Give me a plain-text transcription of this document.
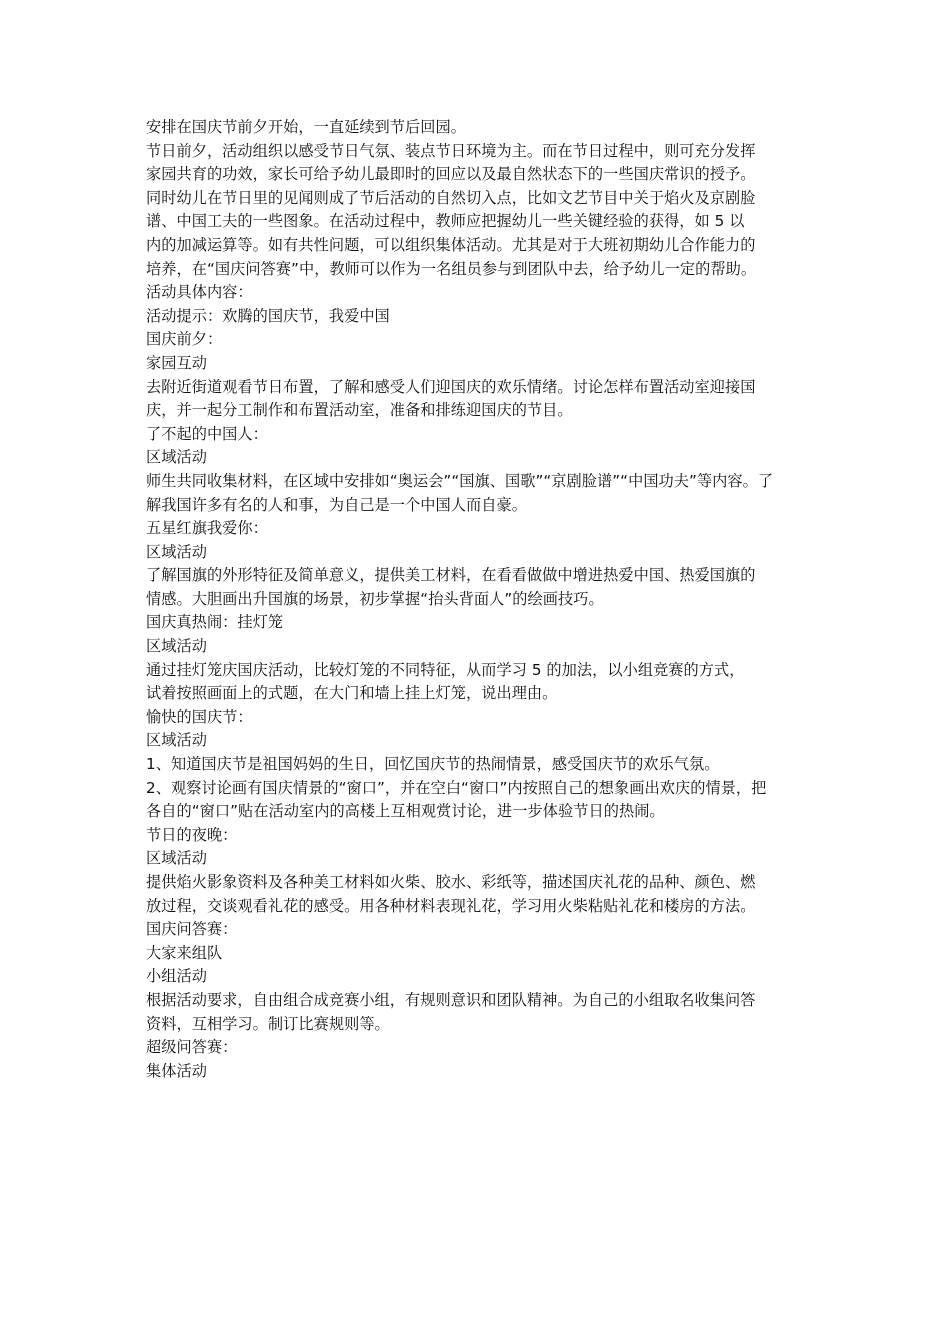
安排在国庆节前夕开始，一直延续到节后回园。
节日前夕，活动组织以感受节日气氛、装点节日环境为主。而在节日过程中，则可充分发挥
家园共育的功效，家长可给予幼儿最即时的回应以及最自然状态下的一些国庆常识的授予。
同时幼儿在节日里的见闻则成了节后活动的自然切入点，比如文艺节目中关于焰火及京剧脸
谱、中国工夫的一些图象。在活动过程中，教师应把握幼儿一些关键经验的获得，如 5 以
内的加减运算等。如有共性问题，可以组织集体活动。尤其是对于大班初期幼儿合作能力的
培养，在“国庆问答赛”中，教师可以作为一名组员参与到团队中去，给予幼儿一定的帮助。
活动具体内容：
活动提示：欢腾的国庆节，我爱中国
国庆前夕：
家园互动
去附近街道观看节日布置，了解和感受人们迎国庆的欢乐情绪。讨论怎样布置活动室迎接国
庆，并一起分工制作和布置活动室，准备和排练迎国庆的节目。
了不起的中国人：
区域活动
师生共同收集材料，在区域中安排如“奥运会”“国旗、国歌”“京剧脸谱”“中国功夫”等内容。了
解我国许多有名的人和事，为自己是一个中国人而自豪。
五星红旗我爱你：
区域活动
了解国旗的外形特征及简单意义，提供美工材料，在看看做做中增进热爱中国、热爱国旗的
情感。大胆画出升国旗的场景，初步掌握“抬头背面人”的绘画技巧。
国庆真热闹：挂灯笼
区域活动
通过挂灯笼庆国庆活动，比较灯笼的不同特征，从而学习 5 的加法，以小组竞赛的方式，
试着按照画面上的式题，在大门和墙上挂上灯笼，说出理由。
愉快的国庆节：
区域活动
1、知道国庆节是祖国妈妈的生日，回忆国庆节的热闹情景，感受国庆节的欢乐气氛。
2、观察讨论画有国庆情景的“窗口”，并在空白“窗口”内按照自己的想象画出欢庆的情景，把
各自的“窗口”贴在活动室内的高楼上互相观赏讨论，进一步体验节日的热闹。
节日的夜晚：
区域活动
提供焰火影象资料及各种美工材料如火柴、胶水、彩纸等，描述国庆礼花的品种、颜色、燃
放过程，交谈观看礼花的感受。用各种材料表现礼花，学习用火柴粘贴礼花和楼房的方法。
国庆问答赛：
大家来组队
小组活动
根据活动要求，自由组合成竞赛小组，有规则意识和团队精神。为自己的小组取名收集问答
资料，互相学习。制订比赛规则等。
超级问答赛：
集体活动
